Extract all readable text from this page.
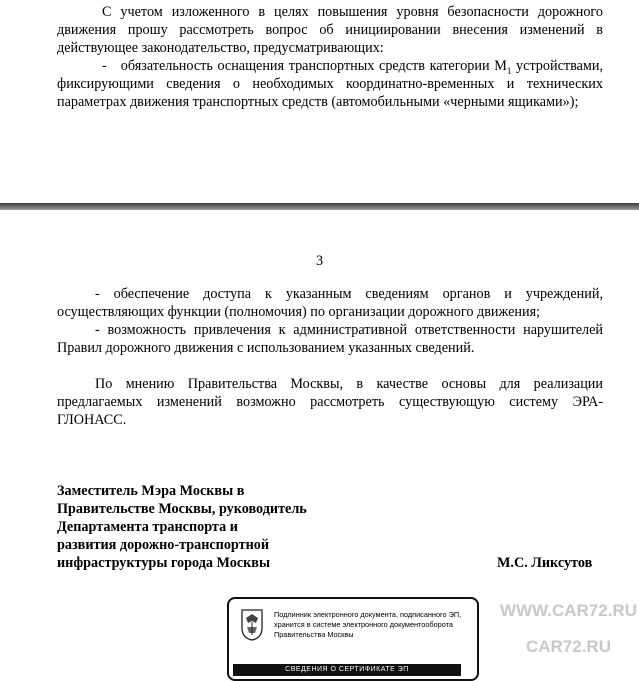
С учетом изложенного в целях повышения уровня безопасности дорожного движения прошу рассмотреть вопрос об инициировании внесения изменений в действующее законодательство, предусматривающих:

- обязательность оснащения транспортных средств категории $M_1$ устройствами, фиксирующими сведения о необходимых координатно-временных и технических параметрах движения транспортных средств (автомобильными «черными ящиками»);

3

- обеспечение доступа к указанным сведениям органов и учреждений, осуществляющих функции (полномочия) по организации дорожного движения;

- возможность привлечения к административной ответственности нарушителей Правил дорожного движения с использованием указанных сведений.

По мнению Правительства Москвы, в качестве основы для реализации предлагаемых изменений возможно рассмотреть существующую систему ЭРА-ГЛОНАСС.

Заместитель Мэра Москвы в
Правительстве Москвы, руководитель
Департамента транспорта и
развития дорожно-транспортной
инфраструктуры города Москвы	М.С. Ликсутов
Подлинник электронного документа, подписанного ЭП, хранится в системе электронного документооборота Правительства Москвы
СВЕДЕНИЯ О СЕРТИФИКАТЕ ЭП
WWW.CAR72.RU
CAR72.RU
